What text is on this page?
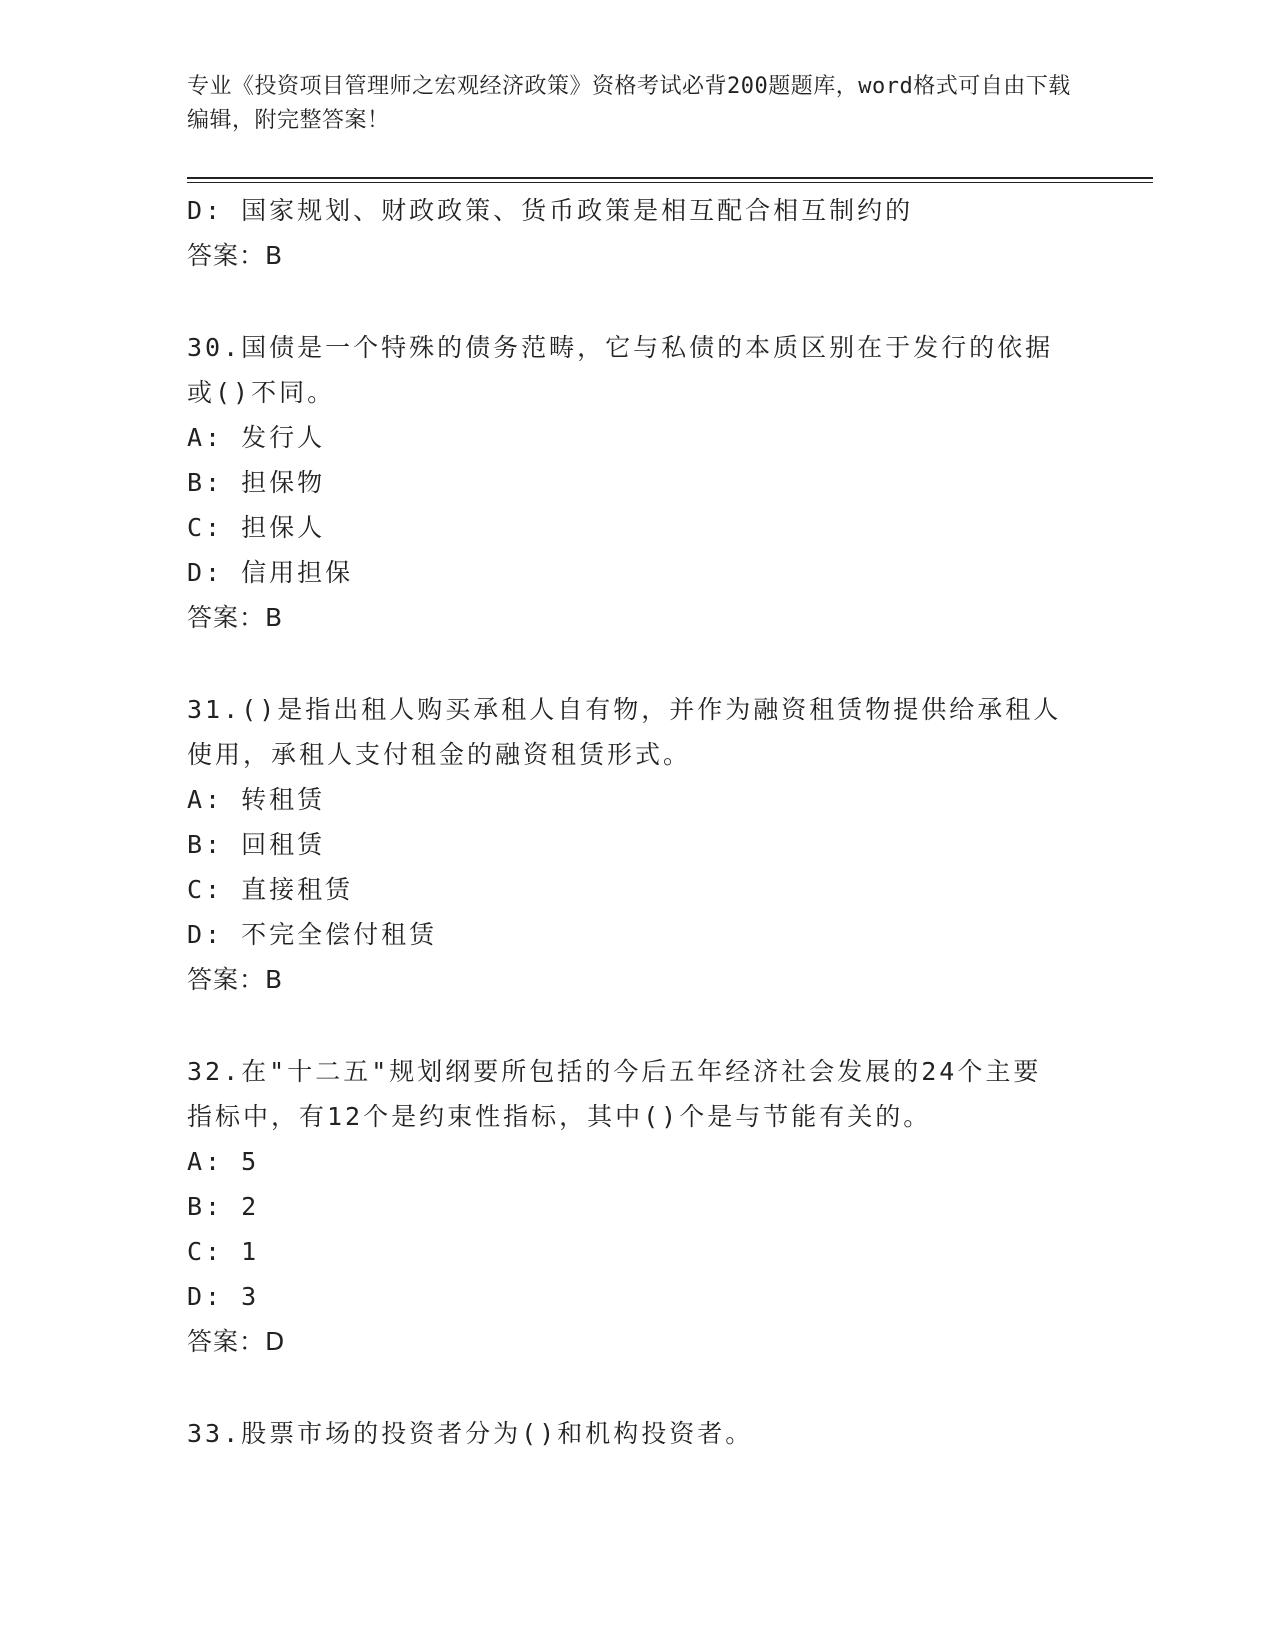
专业《投资项目管理师之宏观经济政策》资格考试必背200题题库，word格式可自由下载编辑，附完整答案！
D: 国家规划、财政政策、货币政策是相互配合相互制约的
答案：B
30.国债是一个特殊的债务范畴，它与私债的本质区别在于发行的依据或()不同。
A: 发行人
B: 担保物
C: 担保人
D: 信用担保
答案：B
31.()是指出租人购买承租人自有物，并作为融资租赁物提供给承租人使用，承租人支付租金的融资租赁形式。
A: 转租赁
B: 回租赁
C: 直接租赁
D: 不完全偿付租赁
答案：B
32.在"十二五"规划纲要所包括的今后五年经济社会发展的24个主要指标中，有12个是约束性指标，其中()个是与节能有关的。
A: 5
B: 2
C: 1
D: 3
答案：D
33.股票市场的投资者分为()和机构投资者。
